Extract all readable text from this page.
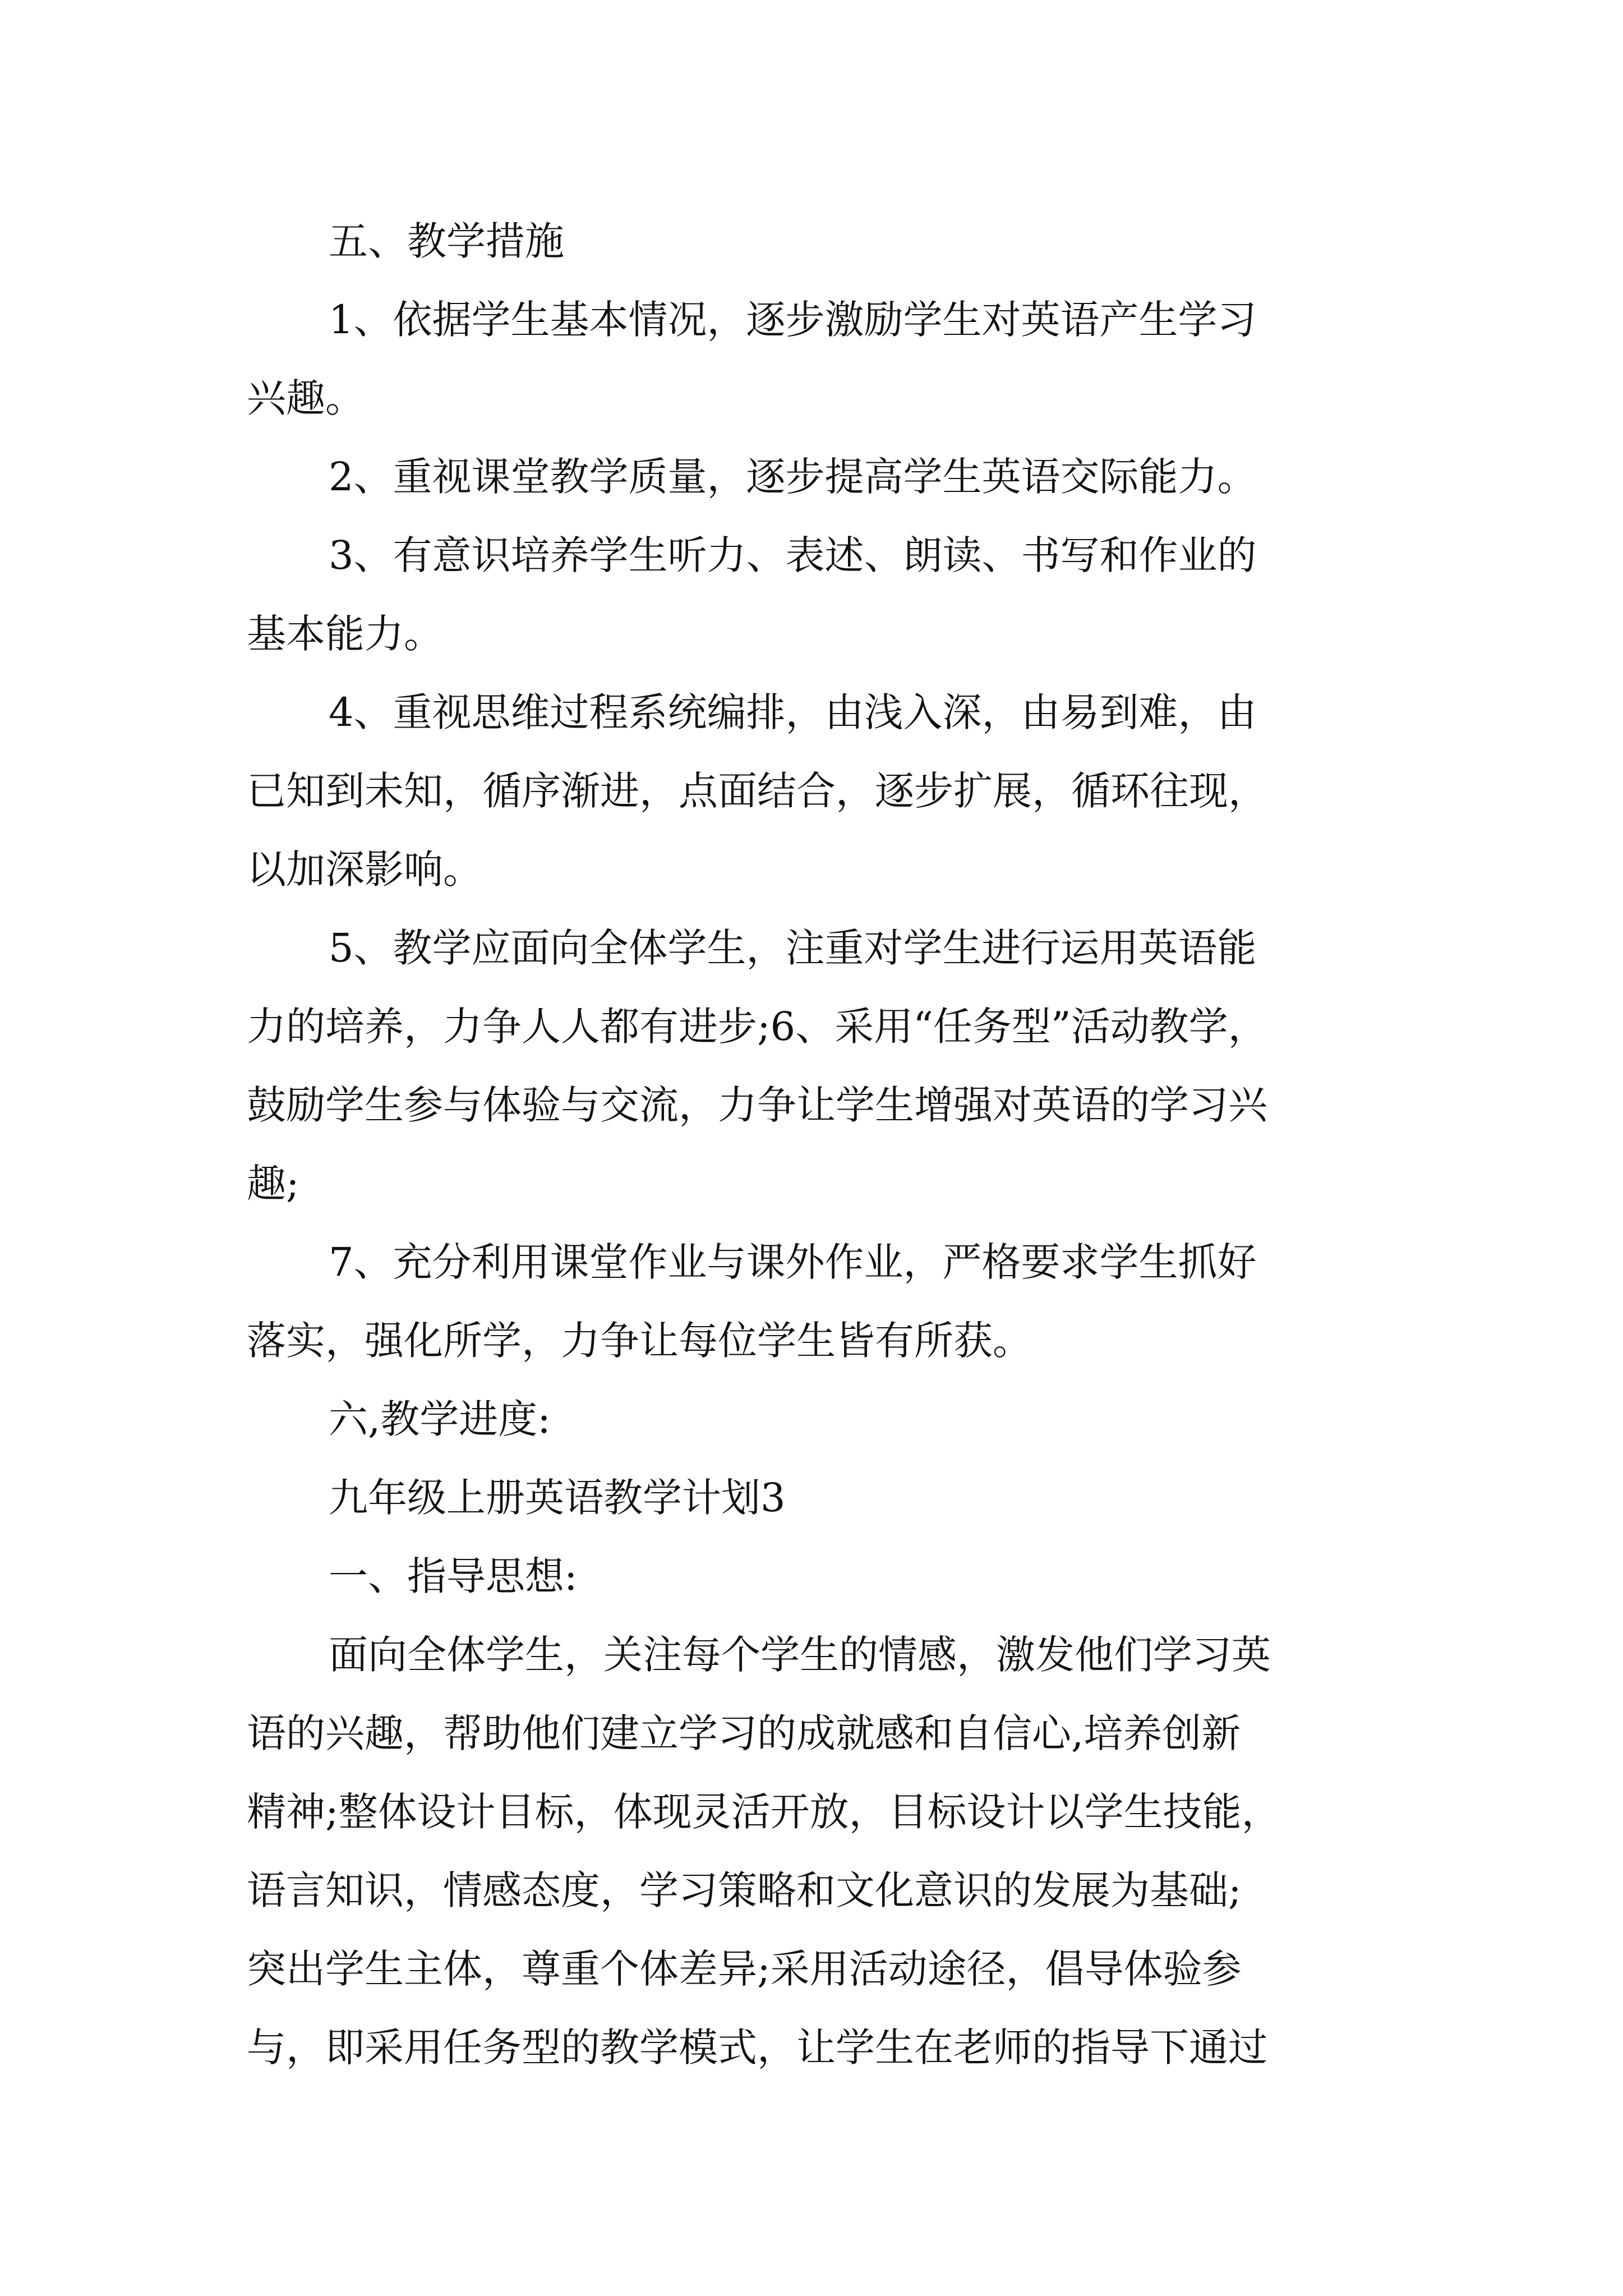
五、教学措施
1、依据学生基本情况，逐步激励学生对英语产生学习
兴趣。
2、重视课堂教学质量，逐步提高学生英语交际能力。
3、有意识培养学生听力、表述、朗读、书写和作业的
基本能力。
4、重视思维过程系统编排，由浅入深，由易到难，由
已知到未知，循序渐进，点面结合，逐步扩展，循环往现，
以加深影响。
5、教学应面向全体学生，注重对学生进行运用英语能
力的培养，力争人人都有进步;6、采用“任务型”活动教学，
鼓励学生参与体验与交流，力争让学生增强对英语的学习兴
趣;
7、充分利用课堂作业与课外作业，严格要求学生抓好
落实，强化所学，力争让每位学生皆有所获。
六,教学进度:
九年级上册英语教学计划3
一、指导思想:
面向全体学生，关注每个学生的情感，激发他们学习英
语的兴趣，帮助他们建立学习的成就感和自信心,培养创新
精神;整体设计目标，体现灵活开放，目标设计以学生技能，
语言知识，情感态度，学习策略和文化意识的发展为基础;
突出学生主体，尊重个体差异;采用活动途径，倡导体验参
与，即采用任务型的教学模式，让学生在老师的指导下通过
